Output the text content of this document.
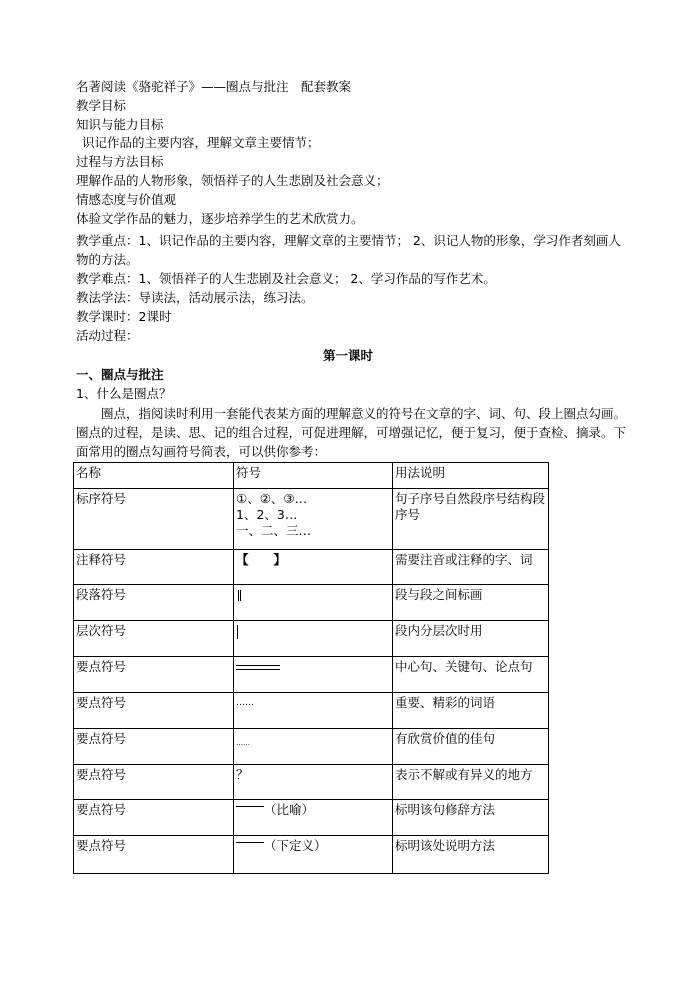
名著阅读《骆驼祥子》——圈点与批注　配套教案
教学目标
知识与能力目标
识记作品的主要内容，理解文章主要情节；
过程与方法目标
理解作品的人物形象，领悟祥子的人生悲剧及社会意义；
情感态度与价值观
体验文学作品的魅力，逐步培养学生的艺术欣赏力。
教学重点：1、识记作品的主要内容，理解文章的主要情节； 2、识记人物的形象，学习作者刻画人物的方法。
教学难点：1、领悟祥子的人生悲剧及社会意义； 2、学习作品的写作艺术。
教法学法：导读法，活动展示法，练习法。
教学课时：2课时
活动过程：
第一课时
一、圈点与批注
1、什么是圈点？
圈点，指阅读时利用一套能代表某方面的理解意义的符号在文章的字、词、句、段上圈点勾画。圈点的过程，是读、思、记的组合过程，可促进理解，可增强记忆，便于复习，便于查检、摘录。下面常用的圈点勾画符号简表，可以供你参考：
名称	符号	用法说明
标序符号	①、②、③…
1、2、3…
一、二、三…	句子序号自然段序号结构段序号
注释符号	【　　】	需要注音或注释的字、词
段落符号		段与段之间标画
层次符号		段内分层次时用
要点符号		中心句、关键句、论点句
要点符号	……	重要、精彩的词语
要点符号	……	有欣赏价值的佳句
要点符号	？	表示不解或有异义的地方
要点符号	（比喻）	标明该句修辞方法
要点符号	（下定义）	标明该处说明方法
